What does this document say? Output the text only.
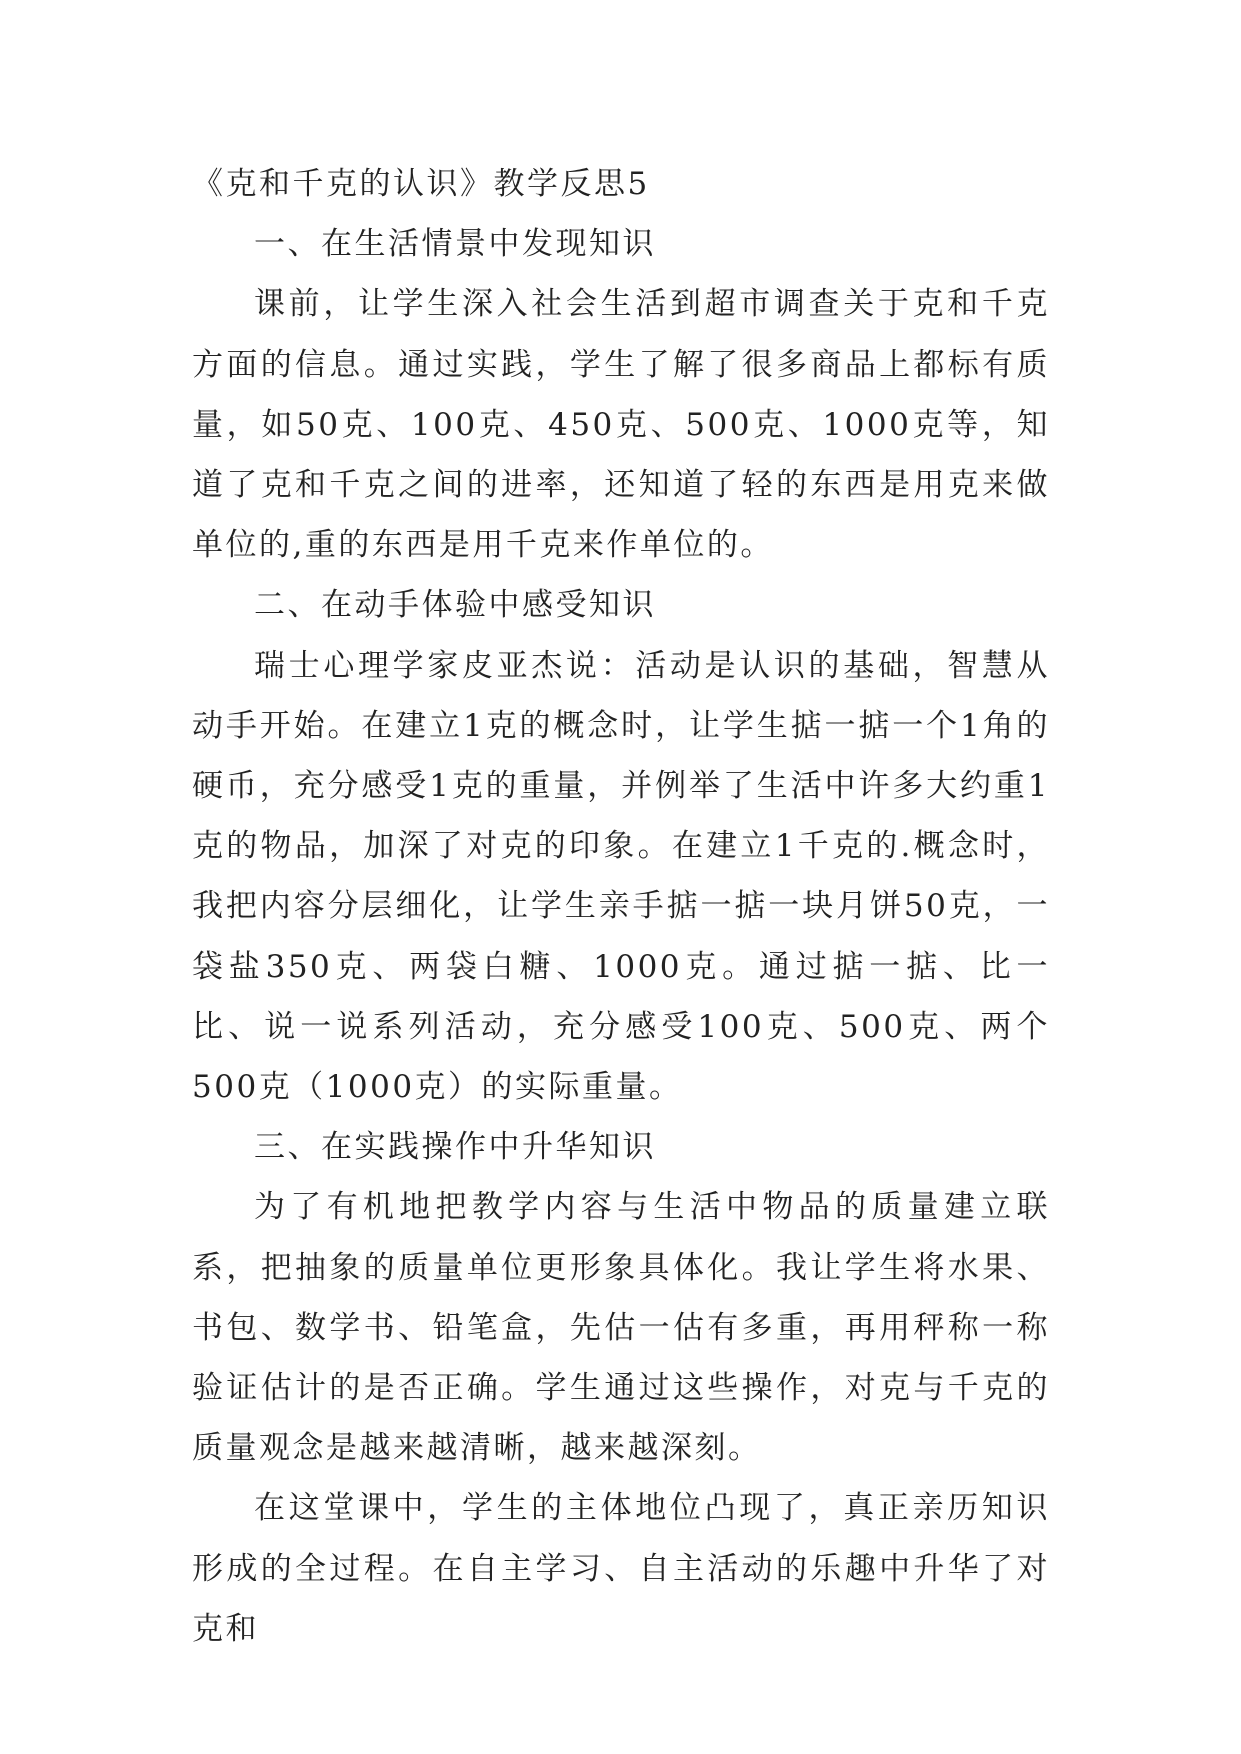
《克和千克的认识》教学反思5

一、在生活情景中发现知识

课前，让学生深入社会生活到超市调查关于克和千克方面的信息。通过实践，学生了解了很多商品上都标有质量，如50克、100克、450克、500克、1000克等，知道了克和千克之间的进率，还知道了轻的东西是用克来做单位的,重的东西是用千克来作单位的。

二、在动手体验中感受知识

瑞士心理学家皮亚杰说：活动是认识的基础，智慧从动手开始。在建立1克的概念时，让学生掂一掂一个1角的硬币，充分感受1克的重量，并例举了生活中许多大约重1克的物品，加深了对克的印象。在建立1千克的.概念时，我把内容分层细化，让学生亲手掂一掂一块月饼50克，一袋盐350克、两袋白糖、1000克。通过掂一掂、比一比、说一说系列活动，充分感受100克、500克、两个500克（1000克）的实际重量。

三、在实践操作中升华知识

为了有机地把教学内容与生活中物品的质量建立联系，把抽象的质量单位更形象具体化。我让学生将水果、书包、数学书、铅笔盒，先估一估有多重，再用秤称一称验证估计的是否正确。学生通过这些操作，对克与千克的质量观念是越来越清晰，越来越深刻。

在这堂课中，学生的主体地位凸现了，真正亲历知识形成的全过程。在自主学习、自主活动的乐趣中升华了对克和
